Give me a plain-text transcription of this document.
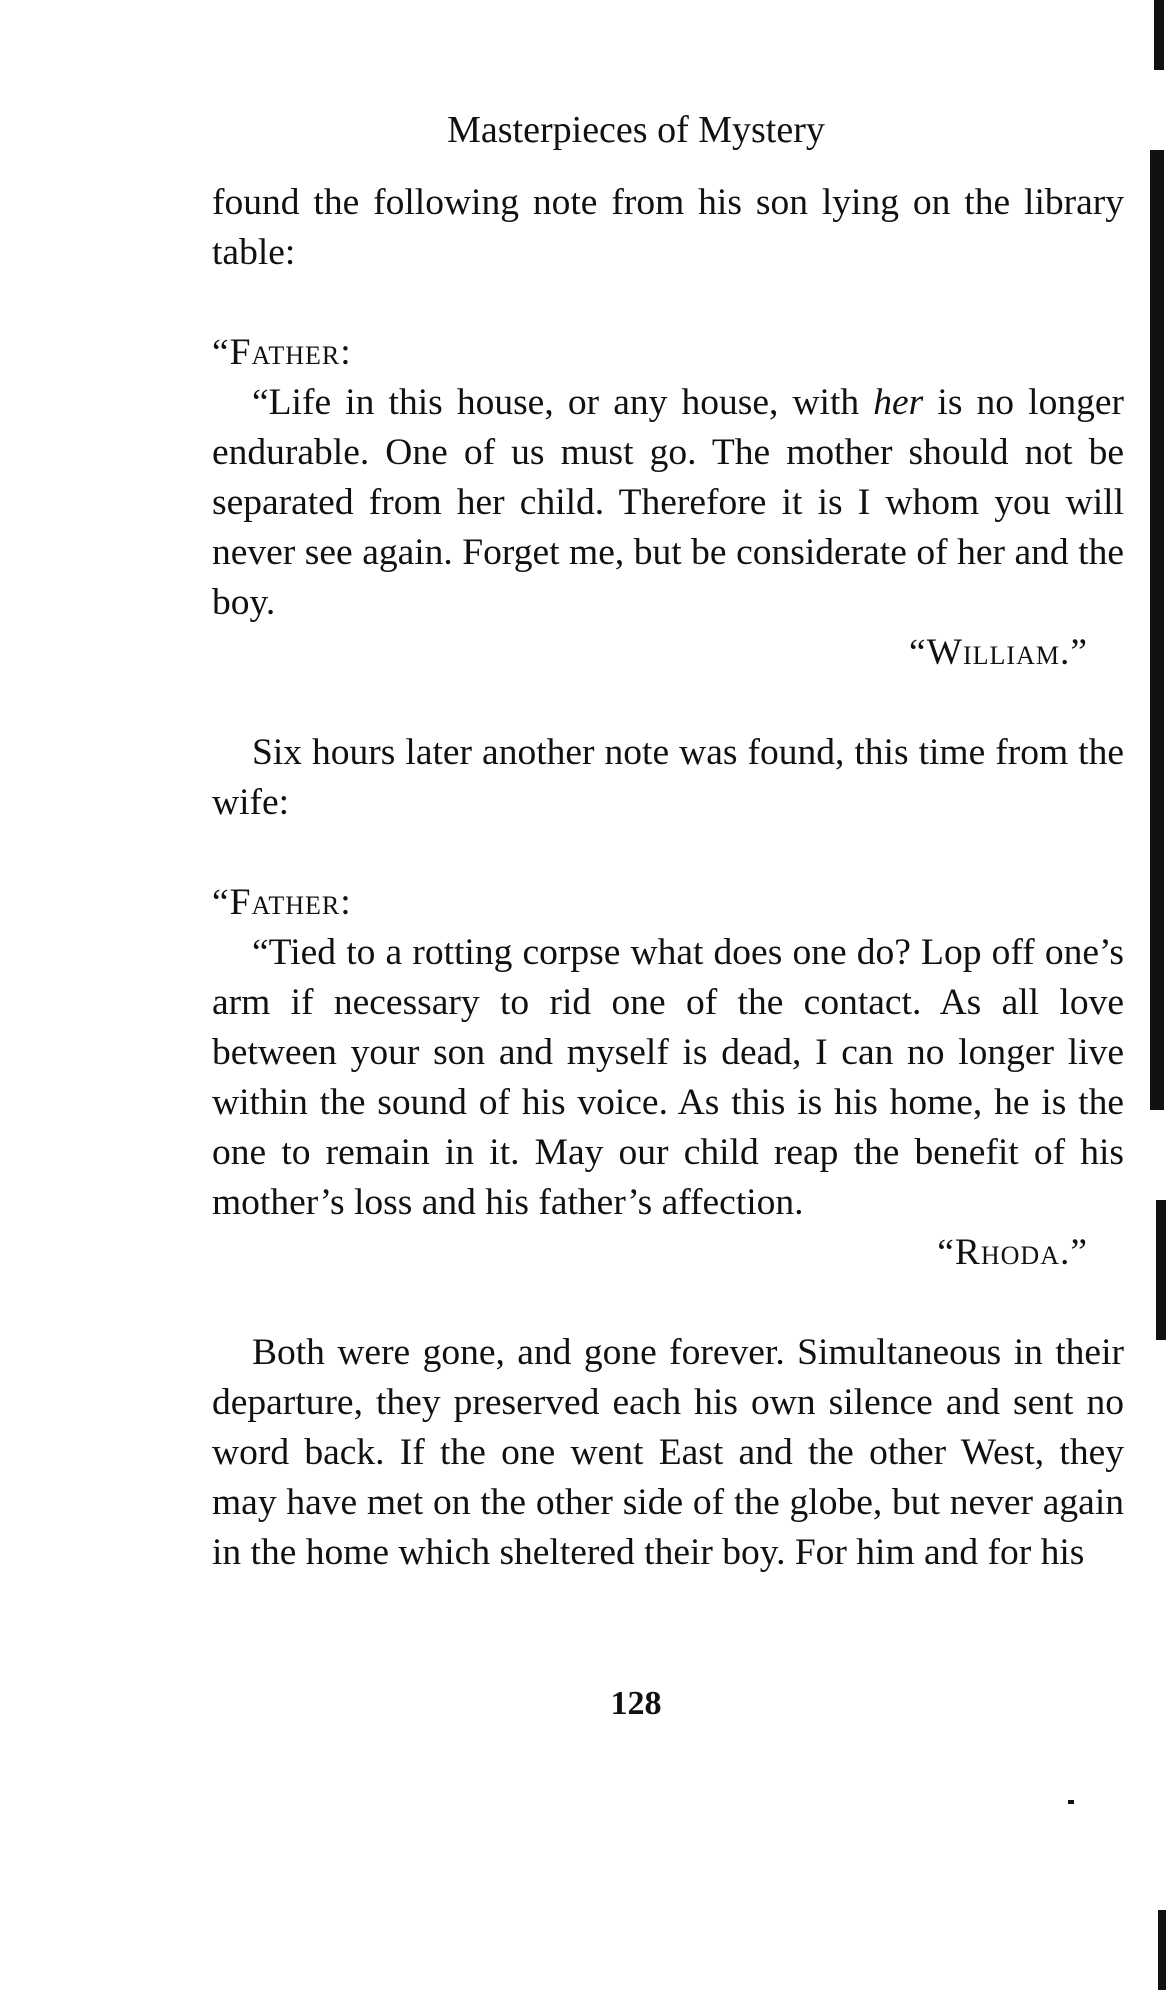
Masterpieces of Mystery

found the following note from his son lying on the library table:

“Father:

“Life in this house, or any house, with her is no longer endurable. One of us must go. The mother should not be separated from her child. Therefore it is I whom you will never see again. Forget me, but be considerate of her and the boy.

“William.”

Six hours later another note was found, this time from the wife:

“Father:

“Tied to a rotting corpse what does one do? Lop off one’s arm if necessary to rid one of the contact. As all love between your son and myself is dead, I can no longer live within the sound of his voice. As this is his home, he is the one to remain in it. May our child reap the benefit of his mother’s loss and his father’s affection.

“Rhoda.”

Both were gone, and gone forever. Simultaneous in their departure, they preserved each his own silence and sent no word back. If the one went East and the other West, they may have met on the other side of the globe, but never again in the home which sheltered their boy. For him and for his

128
